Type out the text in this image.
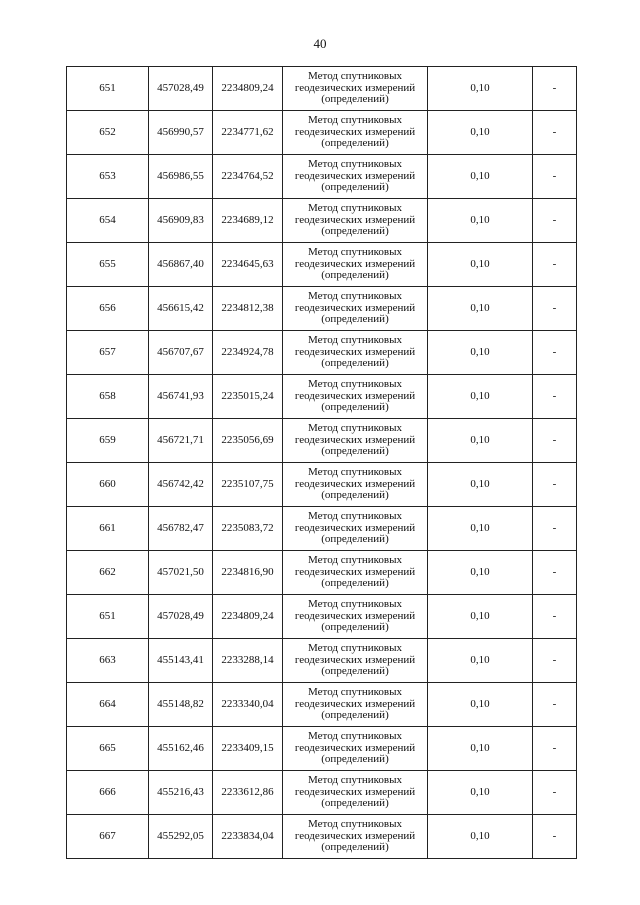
40
651	457028,49	2234809,24	Метод спутниковых
геодезических измерений
(определений)	0,10	-
652	456990,57	2234771,62	Метод спутниковых
геодезических измерений
(определений)	0,10	-
653	456986,55	2234764,52	Метод спутниковых
геодезических измерений
(определений)	0,10	-
654	456909,83	2234689,12	Метод спутниковых
геодезических измерений
(определений)	0,10	-
655	456867,40	2234645,63	Метод спутниковых
геодезических измерений
(определений)	0,10	-
656	456615,42	2234812,38	Метод спутниковых
геодезических измерений
(определений)	0,10	-
657	456707,67	2234924,78	Метод спутниковых
геодезических измерений
(определений)	0,10	-
658	456741,93	2235015,24	Метод спутниковых
геодезических измерений
(определений)	0,10	-
659	456721,71	2235056,69	Метод спутниковых
геодезических измерений
(определений)	0,10	-
660	456742,42	2235107,75	Метод спутниковых
геодезических измерений
(определений)	0,10	-
661	456782,47	2235083,72	Метод спутниковых
геодезических измерений
(определений)	0,10	-
662	457021,50	2234816,90	Метод спутниковых
геодезических измерений
(определений)	0,10	-
651	457028,49	2234809,24	Метод спутниковых
геодезических измерений
(определений)	0,10	-
663	455143,41	2233288,14	Метод спутниковых
геодезических измерений
(определений)	0,10	-
664	455148,82	2233340,04	Метод спутниковых
геодезических измерений
(определений)	0,10	-
665	455162,46	2233409,15	Метод спутниковых
геодезических измерений
(определений)	0,10	-
666	455216,43	2233612,86	Метод спутниковых
геодезических измерений
(определений)	0,10	-
667	455292,05	2233834,04	Метод спутниковых
геодезических измерений
(определений)	0,10	-
